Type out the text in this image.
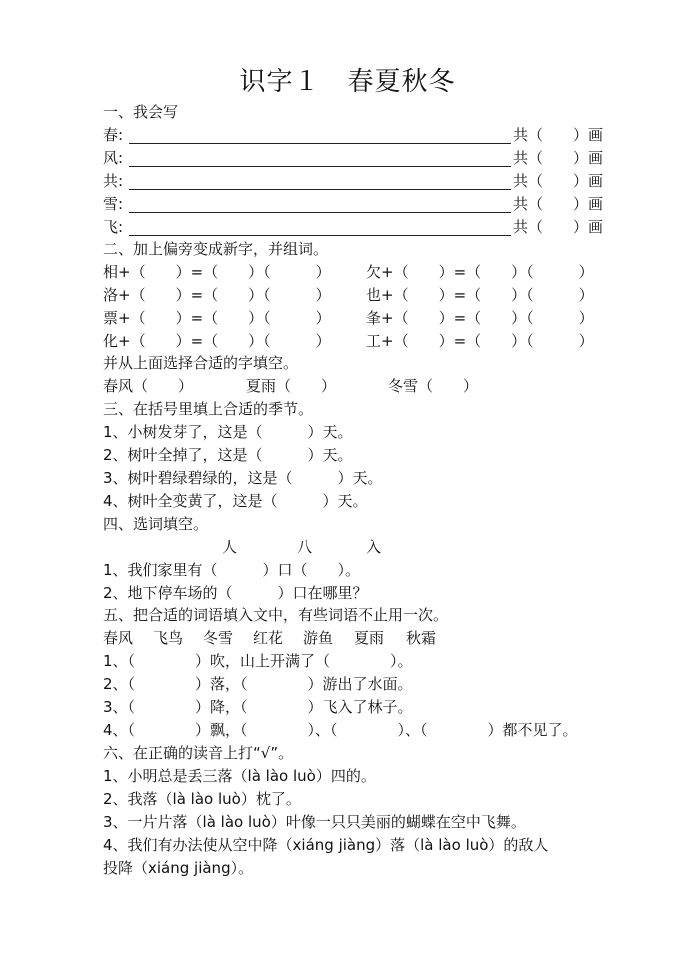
识字１　春夏秋冬
一、我会写
春:	共（　　）画
风:	共（　　）画
共:	共（　　）画
雪:	共（　　）画
飞:	共（　　）画
二、加上偏旁变成新字，并组词。
相+（　　）=（　　）（　　　） 欠+（　　）=（　　）（　　　）
洛+（　　）=（　　）（　　　） 也+（　　）=（　　）（　　　）
票+（　　）=（　　）（　　　） 夆+（　　）=（　　）（　　　）
化+（　　）=（　　）（　　　） 工+（　　）=（　　）（　　　）
并从上面选择合适的字填空。
春风（　　）	夏雨（　　）	冬雪（　　）
三、在括号里填上合适的季节。
1、小树发芽了，这是（　　　）天。
2、树叶全掉了，这是（　　　）天。
3、树叶碧绿碧绿的，这是（　　　）天。
4、树叶全变黄了，这是（　　　）天。
四、选词填空。
人	八	入
1、我们家里有（　　　）口（　　）。
2、地下停车场的（　　　）口在哪里？
五、把合适的词语填入文中，有些词语不止用一次。
春风 飞鸟 冬雪 红花 游鱼 夏雨 秋霜
1、（　　　　）吹，山上开满了（　　　　）。
2、（　　　　）落，（　　　　）游出了水面。
3、（　　　　）降，（　　　　）飞入了林子。
4、（　　　　）飘，（　　　　）、（　　　　）、（　　　　）都不见了。
六、在正确的读音上打“√”。
1、小明总是丢三落（là lào luò）四的。
2、我落（là lào luò）枕了。
3、一片片落（là lào luò）叶像一只只美丽的蝴蝶在空中飞舞。
4、我们有办法使从空中降（xiáng jiàng）落（là lào luò）的敌人
投降（xiáng jiàng）。
